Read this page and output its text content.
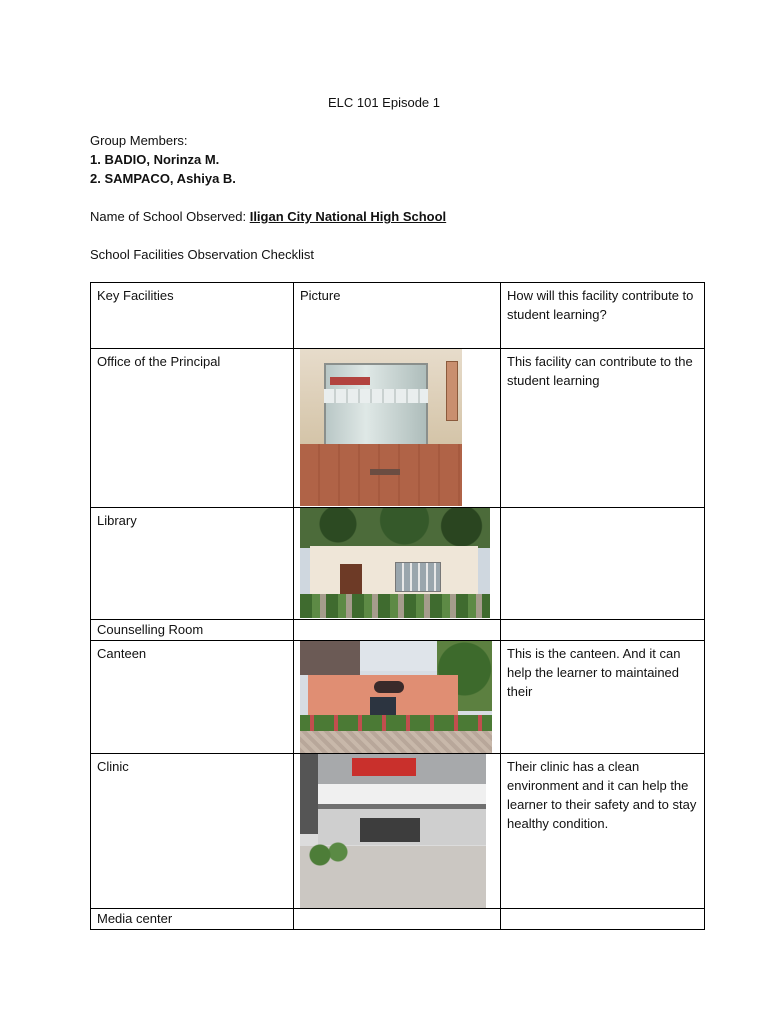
ELC 101 Episode 1
Group Members:
1. BADIO, Norinza M.
2. SAMPACO, Ashiya B.
Name of School Observed: Iligan City National High School
School Facilities Observation Checklist
Key Facilities	Picture	How will this facility contribute to student learning?
Office of the Principal		This facility can contribute to the student learning
Library	

Counselling Room		
Canteen		This is the canteen. And it can help the learner to maintained their
Clinic		Their clinic has a clean environment and it can help the learner to their safety and to stay healthy condition.
Media center		
